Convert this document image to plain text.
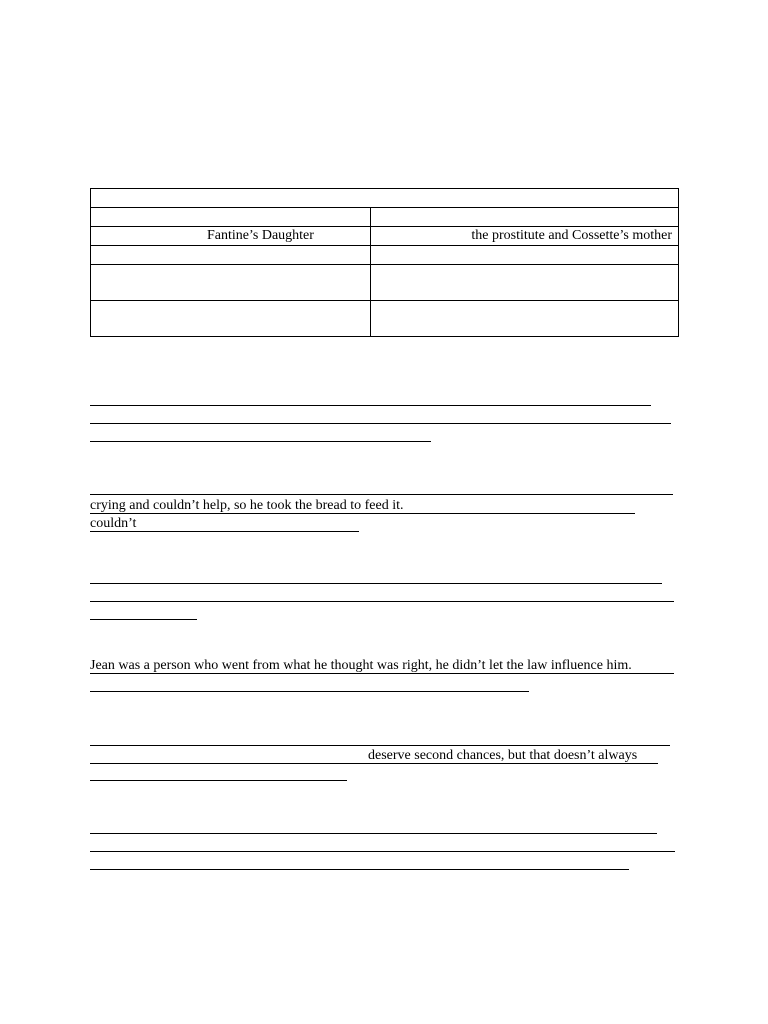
Fantine’s Daughter	the prostitute and Cossette’s mother

crying and couldn’t help, so he took the bread to feed it.
couldn’t
Jean was a person who went from what he thought was right, he didn’t let the law influence him.
deserve second chances, but that doesn’t always
